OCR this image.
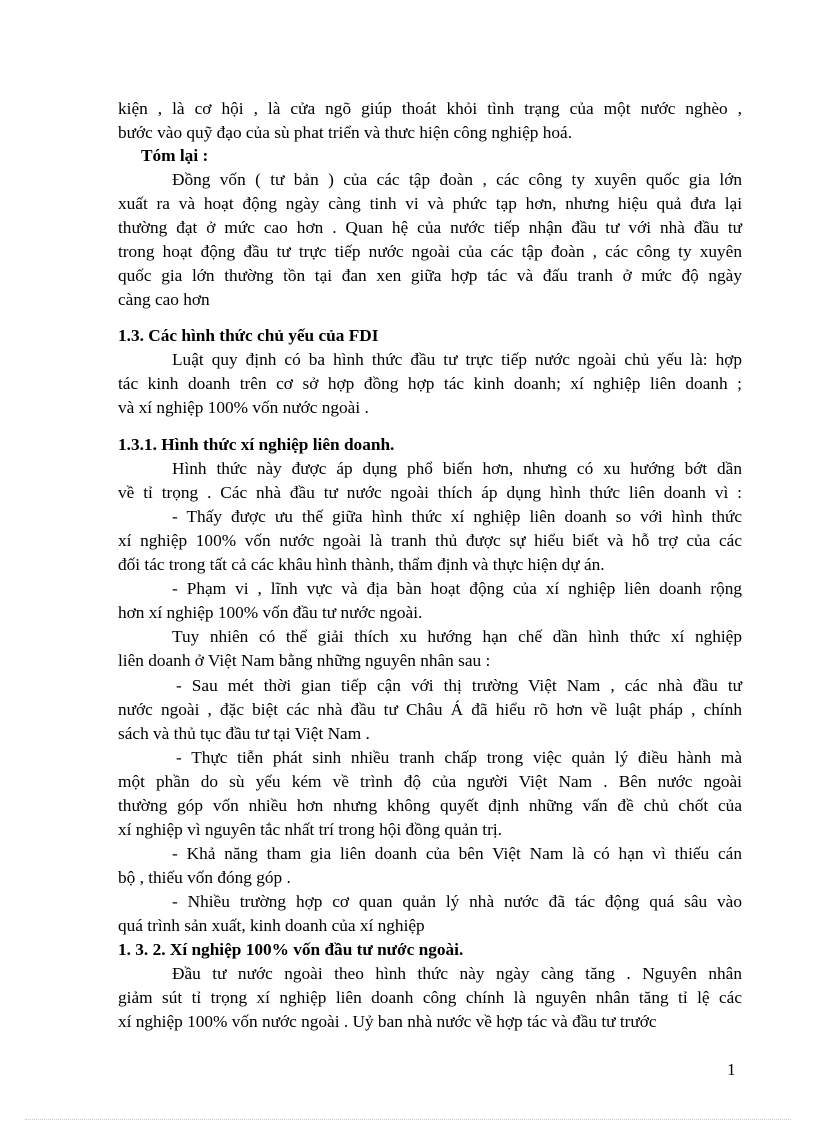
kiện , là cơ hội , là cửa ngõ giúp thoát khỏi tình trạng của một nước nghèo ,
bước vào quỹ đạo của sù phat triển và thưc hiện công nghiệp hoá.
Tóm lại :
Đồng vốn ( tư bản ) của các tập đoàn , các công ty xuyên quốc gia lớn
xuất ra và hoạt động ngày càng tinh vi và phức tạp hơn, nhưng hiệu quả đưa lại
thường đạt ở mức cao hơn . Quan hệ của nước tiếp nhận đầu tư với nhà đầu tư
trong hoạt động đầu tư trực tiếp nước ngoài của các tập đoàn , các công ty xuyên
quốc gia lớn thường tồn tại đan xen giữa hợp tác và đấu tranh ở mức độ ngày
càng cao hơn
1.3. Các hình thức chủ yếu của FDI
Luật quy định có ba hình thức đầu tư trực tiếp nước ngoài chủ yếu là: hợp
tác kinh doanh trên cơ sở hợp đồng hợp tác kinh doanh; xí nghiệp liên doanh ;
và xí nghiệp 100% vốn nước ngoài .
1.3.1. Hình thức xí nghiệp liên doanh.
Hình thức này được áp dụng phổ biến hơn, nhưng có xu hướng bớt dần
về tỉ trọng . Các nhà đầu tư nước ngoài thích áp dụng hình thức liên doanh vì :
- Thấy được ưu thế giữa hình thức xí nghiệp liên doanh so với hình thức
xí nghiệp 100% vốn nước ngoài là tranh thủ được sự hiểu biết và hỗ trợ của các
đối tác trong tất cả các khâu hình thành, thẩm định và thực hiện dự án.
- Phạm vi , lĩnh vực và địa bàn hoạt động của xí nghiệp liên doanh rộng
hơn xí nghiệp 100% vốn đầu tư nước ngoài.
Tuy nhiên có thể giải thích xu hướng hạn chế dần hình thức xí nghiệp
liên doanh ở Việt Nam bằng những nguyên nhân sau :
- Sau mét thời gian tiếp cận với thị trường Việt Nam , các nhà đầu tư
nước ngoài , đặc biệt các nhà đầu tư Châu Á đã hiểu rõ hơn về luật pháp , chính
sách và thủ tục đầu tư tại Việt Nam .
- Thực tiễn phát sinh nhiều tranh chấp trong việc quản lý điều hành mà
một phần do sù yếu kém về trình độ của người Việt Nam . Bên nước ngoài
thường góp vốn nhiều hơn nhưng không quyết định những vấn đề chủ chốt của
xí nghiệp vì nguyên tắc nhất trí trong hội đồng quản trị.
- Khả năng tham gia liên doanh của bên Việt Nam là có hạn vì thiếu cán
bộ , thiếu vốn đóng góp .
- Nhiều trường hợp cơ quan quản lý nhà nước đã tác động quá sâu vào
quá trình sản xuất, kinh doanh của xí nghiệp
1. 3. 2. Xí nghiệp 100% vốn đầu tư nước ngoài.
Đầu tư nước ngoài theo hình thức này ngày càng tăng . Nguyên nhân
giảm sút tỉ trọng xí nghiệp liên doanh công chính là nguyên nhân tăng tỉ lệ các
xí nghiệp 100% vốn nước ngoài . Uỷ ban nhà nước về hợp tác và đầu tư trước
1
